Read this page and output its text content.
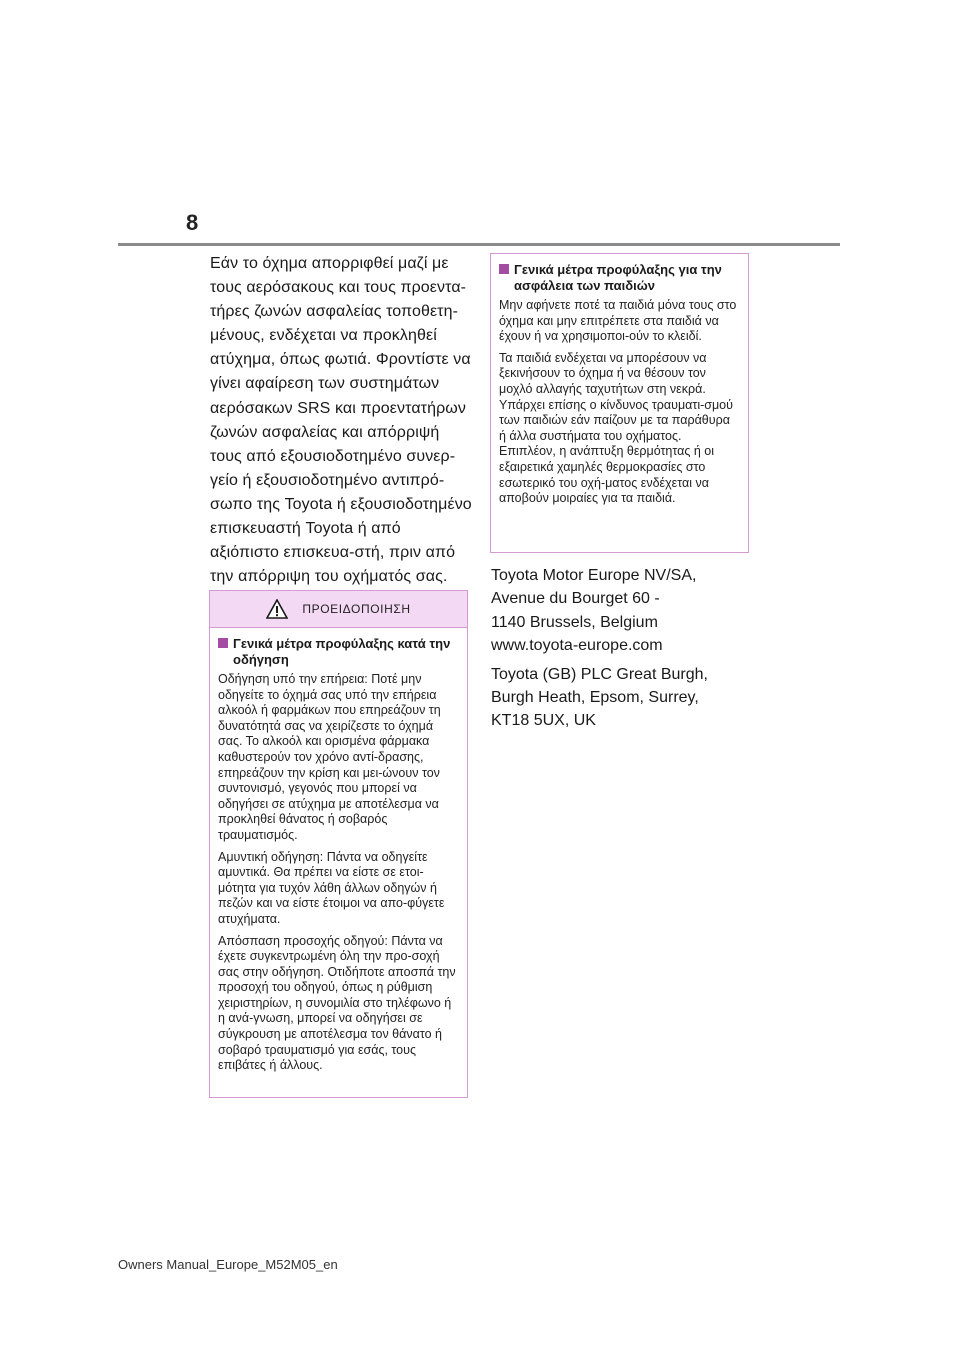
8

Εάν το όχημα απορριφθεί μαζί με τους αερόσακους και τους προεντα-τήρες ζωνών ασφαλείας τοποθετη-μένους, ενδέχεται να προκληθεί ατύχημα, όπως φωτιά. Φροντίστε να γίνει αφαίρεση των συστημάτων αερόσακων SRS και προεντατήρων ζωνών ασφαλείας και απόρριψή τους από εξουσιοδοτημένο συνερ-γείο ή εξουσιοδοτημένο αντιπρό-σωπο της Toyota ή εξουσιοδοτημένο επισκευαστή Toyota ή από αξιόπιστο επισκευα-στή, πριν από την απόρριψη του οχήματός σας.

ΠΡΟΕΙΔΟΠΟΙΗΣΗ
Γενικά μέτρα προφύλαξης κατά την οδήγηση

Οδήγηση υπό την επήρεια: Ποτέ μην οδηγείτε το όχημά σας υπό την επήρεια αλκοόλ ή φαρμάκων που επηρεάζουν τη δυνατότητά σας να χειρίζεστε το όχημά σας. Το αλκοόλ και ορισμένα φάρμακα καθυστερούν τον χρόνο αντί-δρασης, επηρεάζουν την κρίση και μει-ώνουν τον συντονισμό, γεγονός που μπορεί να οδηγήσει σε ατύχημα με αποτέλεσμα να προκληθεί θάνατος ή σοβαρός τραυματισμός.

Αμυντική οδήγηση: Πάντα να οδηγείτε αμυντικά. Θα πρέπει να είστε σε ετοι-μότητα για τυχόν λάθη άλλων οδηγών ή πεζών και να είστε έτοιμοι να απο-φύγετε ατυχήματα.

Απόσπαση προσοχής οδηγού: Πάντα να έχετε συγκεντρωμένη όλη την προ-σοχή σας στην οδήγηση. Οτιδήποτε αποσπά την προσοχή του οδηγού, όπως η ρύθμιση χειριστηρίων, η συνομιλία στο τηλέφωνο ή η ανά-γνωση, μπορεί να οδηγήσει σε σύγκρουση με αποτέλεσμα τον θάνατο ή σοβαρό τραυματισμό για εσάς, τους επιβάτες ή άλλους.

Γενικά μέτρα προφύλαξης για την ασφάλεια των παιδιών

Μην αφήνετε ποτέ τα παιδιά μόνα τους στο όχημα και μην επιτρέπετε στα παιδιά να έχουν ή να χρησιμοποι-ούν το κλειδί.

Τα παιδιά ενδέχεται να μπορέσουν να ξεκινήσουν το όχημα ή να θέσουν τον μοχλό αλλαγής ταχυτήτων στη νεκρά. Υπάρχει επίσης ο κίνδυνος τραυματι-σμού των παιδιών εάν παίζουν με τα παράθυρα ή άλλα συστήματα του οχήματος. Επιπλέον, η ανάπτυξη θερμότητας ή οι εξαιρετικά χαμηλές θερμοκρασίες στο εσωτερικό του οχή-ματος ενδέχεται να αποβούν μοιραίες για τα παιδιά.

Toyota Motor Europe NV/SA,
Avenue du Bourget 60 -
1140 Brussels, Belgium
www.toyota-europe.com

Toyota (GB) PLC Great Burgh,
Burgh Heath, Epsom, Surrey,
KT18 5UX, UK

Owners Manual_Europe_M52M05_en
